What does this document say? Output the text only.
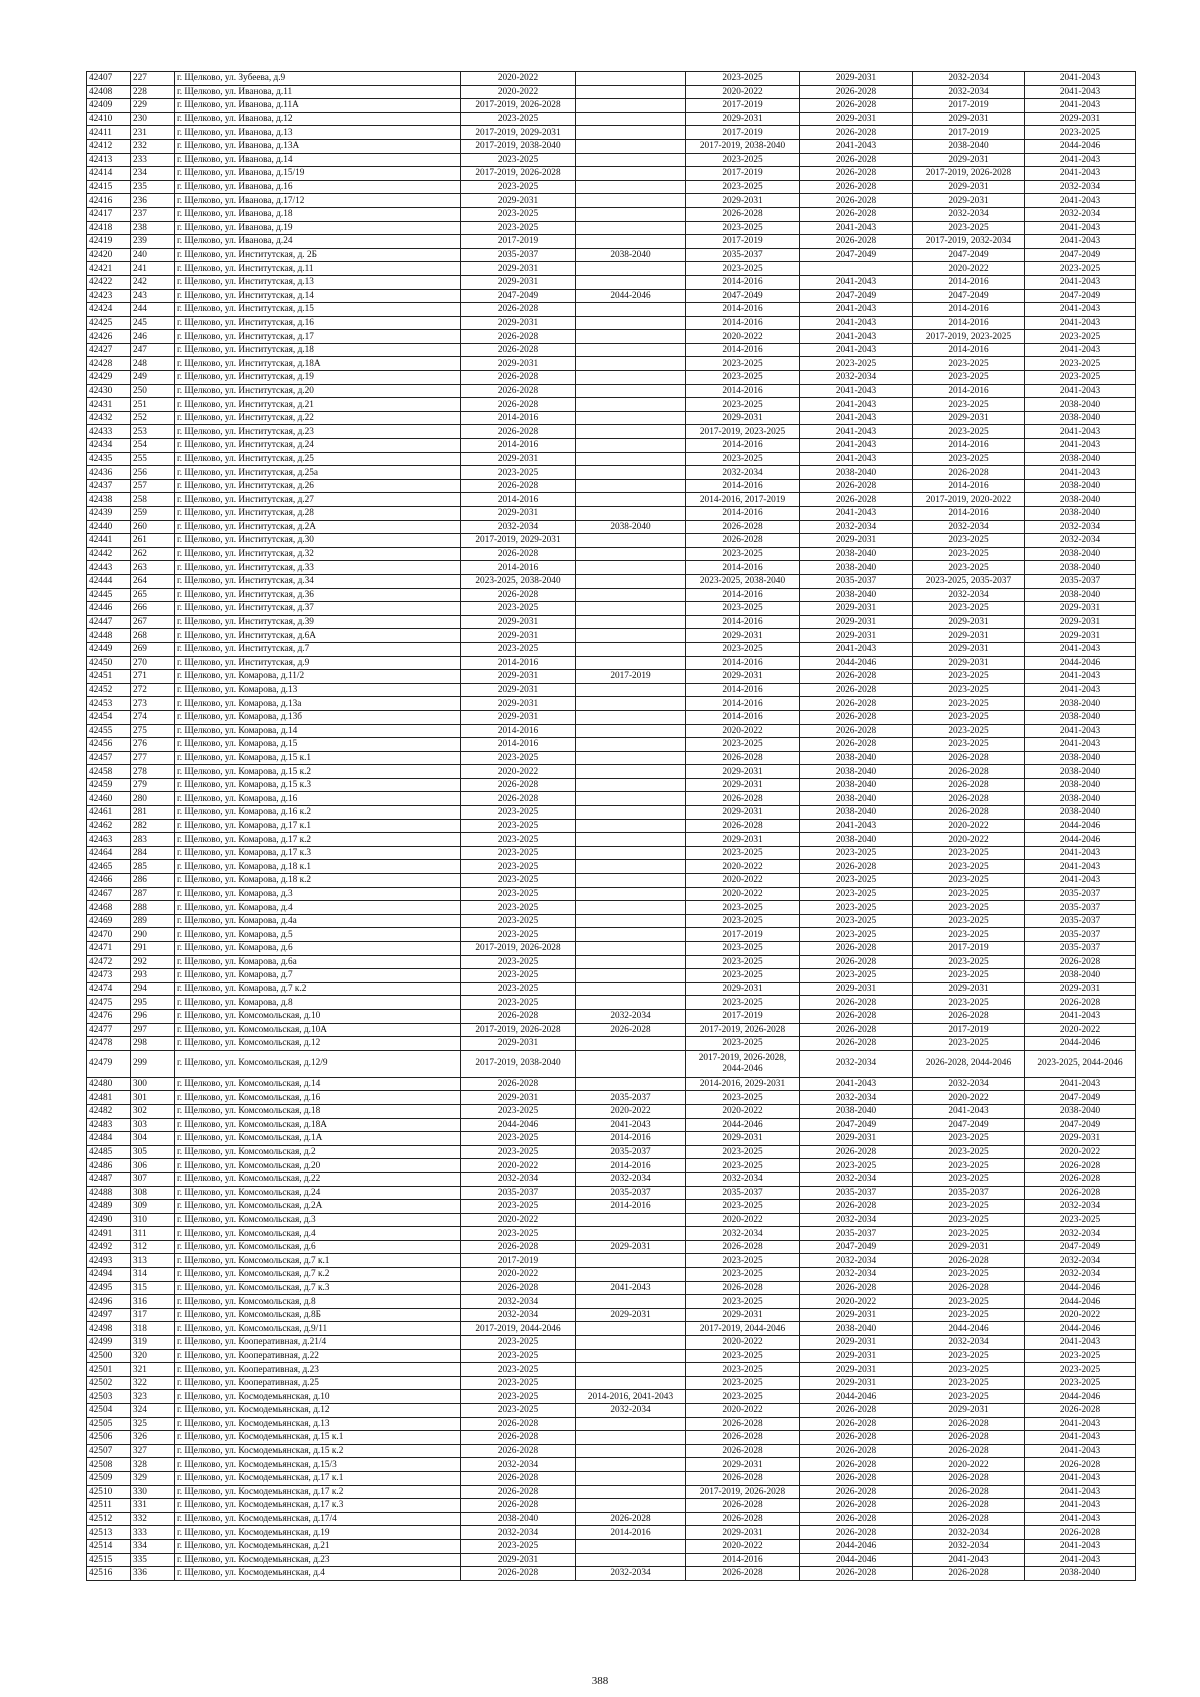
42407	227	г. Щелково, ул. Зубеева, д.9	2020-2022		2023-2025	2029-2031	2032-2034	2041-2043
42408	228	г. Щелково, ул. Иванова, д.11	2020-2022		2020-2022	2026-2028	2032-2034	2041-2043
42409	229	г. Щелково, ул. Иванова, д.11А	2017-2019, 2026-2028		2017-2019	2026-2028	2017-2019	2041-2043
42410	230	г. Щелково, ул. Иванова, д.12	2023-2025		2029-2031	2029-2031	2029-2031	2029-2031
42411	231	г. Щелково, ул. Иванова, д.13	2017-2019, 2029-2031		2017-2019	2026-2028	2017-2019	2023-2025
42412	232	г. Щелково, ул. Иванова, д.13А	2017-2019, 2038-2040		2017-2019, 2038-2040	2041-2043	2038-2040	2044-2046
42413	233	г. Щелково, ул. Иванова, д.14	2023-2025		2023-2025	2026-2028	2029-2031	2041-2043
42414	234	г. Щелково, ул. Иванова, д.15/19	2017-2019, 2026-2028		2017-2019	2026-2028	2017-2019, 2026-2028	2041-2043
42415	235	г. Щелково, ул. Иванова, д.16	2023-2025		2023-2025	2026-2028	2029-2031	2032-2034
42416	236	г. Щелково, ул. Иванова, д.17/12	2029-2031		2029-2031	2026-2028	2029-2031	2041-2043
42417	237	г. Щелково, ул. Иванова, д.18	2023-2025		2026-2028	2026-2028	2032-2034	2032-2034
42418	238	г. Щелково, ул. Иванова, д.19	2023-2025		2023-2025	2041-2043	2023-2025	2041-2043
42419	239	г. Щелково, ул. Иванова, д.24	2017-2019		2017-2019	2026-2028	2017-2019, 2032-2034	2041-2043
42420	240	г. Щелково, ул. Институтская, д. 2Б	2035-2037	2038-2040	2035-2037	2047-2049	2047-2049	2047-2049
42421	241	г. Щелково, ул. Институтская, д.11	2029-2031		2023-2025		2020-2022	2023-2025
42422	242	г. Щелково, ул. Институтская, д.13	2029-2031		2014-2016	2041-2043	2014-2016	2041-2043
42423	243	г. Щелково, ул. Институтская, д.14	2047-2049	2044-2046	2047-2049	2047-2049	2047-2049	2047-2049
42424	244	г. Щелково, ул. Институтская, д.15	2026-2028		2014-2016	2041-2043	2014-2016	2041-2043
42425	245	г. Щелково, ул. Институтская, д.16	2029-2031		2014-2016	2041-2043	2014-2016	2041-2043
42426	246	г. Щелково, ул. Институтская, д.17	2026-2028		2020-2022	2041-2043	2017-2019, 2023-2025	2023-2025
42427	247	г. Щелково, ул. Институтская, д.18	2026-2028		2014-2016	2041-2043	2014-2016	2041-2043
42428	248	г. Щелково, ул. Институтская, д.18А	2029-2031		2023-2025	2023-2025	2023-2025	2023-2025
42429	249	г. Щелково, ул. Институтская, д.19	2026-2028		2023-2025	2032-2034	2023-2025	2023-2025
42430	250	г. Щелково, ул. Институтская, д.20	2026-2028		2014-2016	2041-2043	2014-2016	2041-2043
42431	251	г. Щелково, ул. Институтская, д.21	2026-2028		2023-2025	2041-2043	2023-2025	2038-2040
42432	252	г. Щелково, ул. Институтская, д.22	2014-2016		2029-2031	2041-2043	2029-2031	2038-2040
42433	253	г. Щелково, ул. Институтская, д.23	2026-2028		2017-2019, 2023-2025	2041-2043	2023-2025	2041-2043
42434	254	г. Щелково, ул. Институтская, д.24	2014-2016		2014-2016	2041-2043	2014-2016	2041-2043
42435	255	г. Щелково, ул. Институтская, д.25	2029-2031		2023-2025	2041-2043	2023-2025	2038-2040
42436	256	г. Щелково, ул. Институтская, д.25а	2023-2025		2032-2034	2038-2040	2026-2028	2041-2043
42437	257	г. Щелково, ул. Институтская, д.26	2026-2028		2014-2016	2026-2028	2014-2016	2038-2040
42438	258	г. Щелково, ул. Институтская, д.27	2014-2016		2014-2016, 2017-2019	2026-2028	2017-2019, 2020-2022	2038-2040
42439	259	г. Щелково, ул. Институтская, д.28	2029-2031		2014-2016	2041-2043	2014-2016	2038-2040
42440	260	г. Щелково, ул. Институтская, д.2А	2032-2034	2038-2040	2026-2028	2032-2034	2032-2034	2032-2034
42441	261	г. Щелково, ул. Институтская, д.30	2017-2019, 2029-2031		2026-2028	2029-2031	2023-2025	2032-2034
42442	262	г. Щелково, ул. Институтская, д.32	2026-2028		2023-2025	2038-2040	2023-2025	2038-2040
42443	263	г. Щелково, ул. Институтская, д.33	2014-2016		2014-2016	2038-2040	2023-2025	2038-2040
42444	264	г. Щелково, ул. Институтская, д.34	2023-2025, 2038-2040		2023-2025, 2038-2040	2035-2037	2023-2025, 2035-2037	2035-2037
42445	265	г. Щелково, ул. Институтская, д.36	2026-2028		2014-2016	2038-2040	2032-2034	2038-2040
42446	266	г. Щелково, ул. Институтская, д.37	2023-2025		2023-2025	2029-2031	2023-2025	2029-2031
42447	267	г. Щелково, ул. Институтская, д.39	2029-2031		2014-2016	2029-2031	2029-2031	2029-2031
42448	268	г. Щелково, ул. Институтская, д.6А	2029-2031		2029-2031	2029-2031	2029-2031	2029-2031
42449	269	г. Щелково, ул. Институтская, д.7	2023-2025		2023-2025	2041-2043	2029-2031	2041-2043
42450	270	г. Щелково, ул. Институтская, д.9	2014-2016		2014-2016	2044-2046	2029-2031	2044-2046
42451	271	г. Щелково, ул. Комарова, д.11/2	2029-2031	2017-2019	2029-2031	2026-2028	2023-2025	2041-2043
42452	272	г. Щелково, ул. Комарова, д.13	2029-2031		2014-2016	2026-2028	2023-2025	2041-2043
42453	273	г. Щелково, ул. Комарова, д.13а	2029-2031		2014-2016	2026-2028	2023-2025	2038-2040
42454	274	г. Щелково, ул. Комарова, д.13б	2029-2031		2014-2016	2026-2028	2023-2025	2038-2040
42455	275	г. Щелково, ул. Комарова, д.14	2014-2016		2020-2022	2026-2028	2023-2025	2041-2043
42456	276	г. Щелково, ул. Комарова, д.15	2014-2016		2023-2025	2026-2028	2023-2025	2041-2043
42457	277	г. Щелково, ул. Комарова, д.15 к.1	2023-2025		2026-2028	2038-2040	2026-2028	2038-2040
42458	278	г. Щелково, ул. Комарова, д.15 к.2	2020-2022		2029-2031	2038-2040	2026-2028	2038-2040
42459	279	г. Щелково, ул. Комарова, д.15 к.3	2026-2028		2029-2031	2038-2040	2026-2028	2038-2040
42460	280	г. Щелково, ул. Комарова, д.16	2026-2028		2026-2028	2038-2040	2026-2028	2038-2040
42461	281	г. Щелково, ул. Комарова, д.16 к.2	2023-2025		2029-2031	2038-2040	2026-2028	2038-2040
42462	282	г. Щелково, ул. Комарова, д.17 к.1	2023-2025		2026-2028	2041-2043	2020-2022	2044-2046
42463	283	г. Щелково, ул. Комарова, д.17 к.2	2023-2025		2029-2031	2038-2040	2020-2022	2044-2046
42464	284	г. Щелково, ул. Комарова, д.17 к.3	2023-2025		2023-2025	2023-2025	2023-2025	2041-2043
42465	285	г. Щелково, ул. Комарова, д.18 к.1	2023-2025		2020-2022	2026-2028	2023-2025	2041-2043
42466	286	г. Щелково, ул. Комарова, д.18 к.2	2023-2025		2020-2022	2023-2025	2023-2025	2041-2043
42467	287	г. Щелково, ул. Комарова, д.3	2023-2025		2020-2022	2023-2025	2023-2025	2035-2037
42468	288	г. Щелково, ул. Комарова, д.4	2023-2025		2023-2025	2023-2025	2023-2025	2035-2037
42469	289	г. Щелково, ул. Комарова, д.4а	2023-2025		2023-2025	2023-2025	2023-2025	2035-2037
42470	290	г. Щелково, ул. Комарова, д.5	2023-2025		2017-2019	2023-2025	2023-2025	2035-2037
42471	291	г. Щелково, ул. Комарова, д.6	2017-2019, 2026-2028		2023-2025	2026-2028	2017-2019	2035-2037
42472	292	г. Щелково, ул. Комарова, д.6а	2023-2025		2023-2025	2026-2028	2023-2025	2026-2028
42473	293	г. Щелково, ул. Комарова, д.7	2023-2025		2023-2025	2023-2025	2023-2025	2038-2040
42474	294	г. Щелково, ул. Комарова, д.7 к.2	2023-2025		2029-2031	2029-2031	2029-2031	2029-2031
42475	295	г. Щелково, ул. Комарова, д.8	2023-2025		2023-2025	2026-2028	2023-2025	2026-2028
42476	296	г. Щелково, ул. Комсомольская, д.10	2026-2028	2032-2034	2017-2019	2026-2028	2026-2028	2041-2043
42477	297	г. Щелково, ул. Комсомольская, д.10А	2017-2019, 2026-2028	2026-2028	2017-2019, 2026-2028	2026-2028	2017-2019	2020-2022
42478	298	г. Щелково, ул. Комсомольская, д.12	2029-2031		2023-2025	2026-2028	2023-2025	2044-2046
42479	299	г. Щелково, ул. Комсомольская, д.12/9	2017-2019, 2038-2040		2017-2019, 2026-2028, 2044-2046	2032-2034	2026-2028, 2044-2046	2023-2025, 2044-2046
42480	300	г. Щелково, ул. Комсомольская, д.14	2026-2028		2014-2016, 2029-2031	2041-2043	2032-2034	2041-2043
42481	301	г. Щелково, ул. Комсомольская, д.16	2029-2031	2035-2037	2023-2025	2032-2034	2020-2022	2047-2049
42482	302	г. Щелково, ул. Комсомольская, д.18	2023-2025	2020-2022	2020-2022	2038-2040	2041-2043	2038-2040
42483	303	г. Щелково, ул. Комсомольская, д.18А	2044-2046	2041-2043	2044-2046	2047-2049	2047-2049	2047-2049
42484	304	г. Щелково, ул. Комсомольская, д.1А	2023-2025	2014-2016	2029-2031	2029-2031	2023-2025	2029-2031
42485	305	г. Щелково, ул. Комсомольская, д.2	2023-2025	2035-2037	2023-2025	2026-2028	2023-2025	2020-2022
42486	306	г. Щелково, ул. Комсомольская, д.20	2020-2022	2014-2016	2023-2025	2023-2025	2023-2025	2026-2028
42487	307	г. Щелково, ул. Комсомольская, д.22	2032-2034	2032-2034	2032-2034	2032-2034	2023-2025	2026-2028
42488	308	г. Щелково, ул. Комсомольская, д.24	2035-2037	2035-2037	2035-2037	2035-2037	2035-2037	2026-2028
42489	309	г. Щелково, ул. Комсомольская, д.2А	2023-2025	2014-2016	2023-2025	2026-2028	2023-2025	2032-2034
42490	310	г. Щелково, ул. Комсомольская, д.3	2020-2022		2020-2022	2032-2034	2023-2025	2023-2025
42491	311	г. Щелково, ул. Комсомольская, д.4	2023-2025		2032-2034	2035-2037	2023-2025	2032-2034
42492	312	г. Щелково, ул. Комсомольская, д.6	2026-2028	2029-2031	2026-2028	2047-2049	2029-2031	2047-2049
42493	313	г. Щелково, ул. Комсомольская, д.7 к.1	2017-2019		2023-2025	2032-2034	2026-2028	2032-2034
42494	314	г. Щелково, ул. Комсомольская, д.7 к.2	2020-2022		2023-2025	2032-2034	2023-2025	2032-2034
42495	315	г. Щелково, ул. Комсомольская, д.7 к.3	2026-2028	2041-2043	2026-2028	2026-2028	2026-2028	2044-2046
42496	316	г. Щелково, ул. Комсомольская, д.8	2032-2034		2023-2025	2020-2022	2023-2025	2044-2046
42497	317	г. Щелково, ул. Комсомольская, д.8Б	2032-2034	2029-2031	2029-2031	2029-2031	2023-2025	2020-2022
42498	318	г. Щелково, ул. Комсомольская, д.9/11	2017-2019, 2044-2046		2017-2019, 2044-2046	2038-2040	2044-2046	2044-2046
42499	319	г. Щелково, ул. Кооперативная, д.21/4	2023-2025		2020-2022	2029-2031	2032-2034	2041-2043
42500	320	г. Щелково, ул. Кооперативная, д.22	2023-2025		2023-2025	2029-2031	2023-2025	2023-2025
42501	321	г. Щелково, ул. Кооперативная, д.23	2023-2025		2023-2025	2029-2031	2023-2025	2023-2025
42502	322	г. Щелково, ул. Кооперативная, д.25	2023-2025		2023-2025	2029-2031	2023-2025	2023-2025
42503	323	г. Щелково, ул. Космодемьянская, д.10	2023-2025	2014-2016, 2041-2043	2023-2025	2044-2046	2023-2025	2044-2046
42504	324	г. Щелково, ул. Космодемьянская, д.12	2023-2025	2032-2034	2020-2022	2026-2028	2029-2031	2026-2028
42505	325	г. Щелково, ул. Космодемьянская, д.13	2026-2028		2026-2028	2026-2028	2026-2028	2041-2043
42506	326	г. Щелково, ул. Космодемьянская, д.15 к.1	2026-2028		2026-2028	2026-2028	2026-2028	2041-2043
42507	327	г. Щелково, ул. Космодемьянская, д.15 к.2	2026-2028		2026-2028	2026-2028	2026-2028	2041-2043
42508	328	г. Щелково, ул. Космодемьянская, д.15/3	2032-2034		2029-2031	2026-2028	2020-2022	2026-2028
42509	329	г. Щелково, ул. Космодемьянская, д.17 к.1	2026-2028		2026-2028	2026-2028	2026-2028	2041-2043
42510	330	г. Щелково, ул. Космодемьянская, д.17 к.2	2026-2028		2017-2019, 2026-2028	2026-2028	2026-2028	2041-2043
42511	331	г. Щелково, ул. Космодемьянская, д.17 к.3	2026-2028		2026-2028	2026-2028	2026-2028	2041-2043
42512	332	г. Щелково, ул. Космодемьянская, д.17/4	2038-2040	2026-2028	2026-2028	2026-2028	2026-2028	2041-2043
42513	333	г. Щелково, ул. Космодемьянская, д.19	2032-2034	2014-2016	2029-2031	2026-2028	2032-2034	2026-2028
42514	334	г. Щелково, ул. Космодемьянская, д.21	2023-2025		2020-2022	2044-2046	2032-2034	2041-2043
42515	335	г. Щелково, ул. Космодемьянская, д.23	2029-2031		2014-2016	2044-2046	2041-2043	2041-2043
42516	336	г. Щелково, ул. Космодемьянская, д.4	2026-2028	2032-2034	2026-2028	2026-2028	2026-2028	2038-2040
388
